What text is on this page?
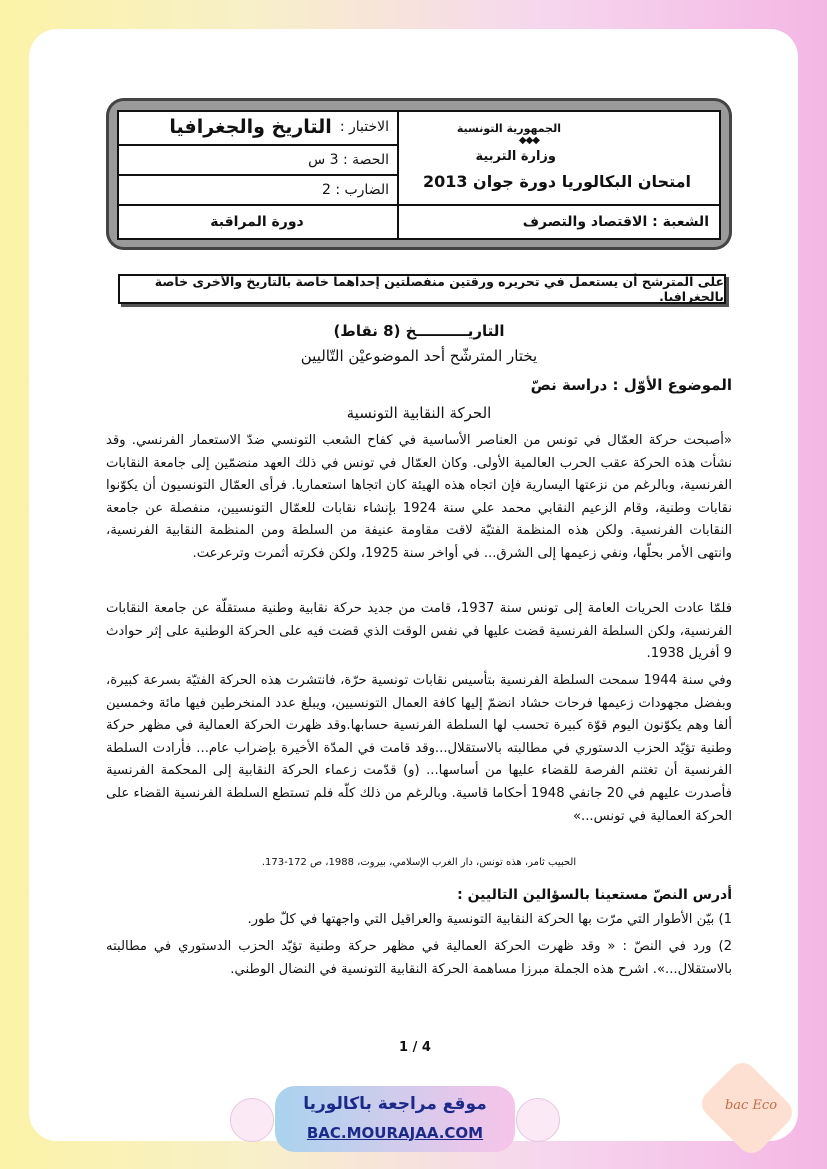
الاختبار :
التاريخ والجغرافيا
الحصة : 3 س
الضارب : 2
دورة المراقبة
الجمهورية التونسية
◆◆◆
وزارة التربية
امتحان البكالوريا دورة جوان 2013
الشعبة : الاقتصاد والتصرف
على المترشح أن يستعمل في تحريره ورقتين منفصلتين إحداهما خاصة بالتاريخ والأخرى خاصة بالجغرافيا.
التاريــــــــــخ (8 نقاط)
يختار المترشّح أحد الموضوعيْن التّاليين
الموضوع الأوّل : دراسة نصّ
الحركة النقابية التونسية
«أصبحت حركة العمّال في تونس من العناصر الأساسية في كفاح الشعب التونسي ضدّ الاستعمار الفرنسي. وقد نشأت هذه الحركة عقب الحرب العالمية الأولى. وكان العمّال في تونس في ذلك العهد منضمّين إلى جامعة النقابات الفرنسية، وبالرغم من نزعتها اليسارية فإن اتجاه هذه الهيئة كان اتجاها استعماريا. فرأى العمّال التونسيون أن يكوّنوا نقابات وطنية، وقام الزعيم النقابي محمد علي سنة 1924 بإنشاء نقابات للعمّال التونسيين، منفصلة عن جامعة النقابات الفرنسية. ولكن هذه المنظمة الفتيّة لاقت مقاومة عنيفة من السلطة ومن المنظمة النقابية الفرنسية، وانتهى الأمر بحلّها، ونفي زعيمها إلى الشرق... في أواخر سنة 1925، ولكن فكرته أثمرت وترعرعت.
فلمّا عادت الحريات العامة إلى تونس سنة 1937، قامت من جديد حركة نقابية وطنية مستقلّة عن جامعة النقابات الفرنسية، ولكن السلطة الفرنسية قضت عليها في نفس الوقت الذي قضت فيه على الحركة الوطنية على إثر حوادث 9 أفريل 1938.
وفي سنة 1944 سمحت السلطة الفرنسية بتأسيس نقابات تونسية حرّة، فانتشرت هذه الحركة الفتيّة بسرعة كبيرة، وبفضل مجهودات زعيمها فرحات حشاد انضمّ إليها كافة العمال التونسيين، ويبلغ عدد المنخرطين فيها مائة وخمسين ألفا وهم يكوّنون اليوم قوّة كبيرة تحسب لها السلطة الفرنسية حسابها.وقد ظهرت الحركة العمالية في مظهر حركة وطنية تؤيّد الحزب الدستوري في مطالبته بالاستقلال...وقد قامت في المدّة الأخيرة بإضراب عام... فأرادت السلطة الفرنسية أن تغتنم الفرصة للقضاء عليها من أساسها... (و) قدّمت زعماء الحركة النقابية إلى المحكمة الفرنسية فأصدرت عليهم في 20 جانفي 1948 أحكاما قاسية. وبالرغم من ذلك كلّه فلم تستطع السلطة الفرنسية القضاء على الحركة العمالية في تونس...»
الحبيب ثامر، هذه تونس، دار الغرب الإسلامي، بيروت، 1988، ص 172-173.
أدرس النصّ مستعينا بالسؤالين التاليين :
1) بيّن الأطوار التي مرّت بها الحركة النقابية التونسية والعراقيل التي واجهتها في كلّ طور.
2) ورد في النصّ : « وقد ظهرت الحركة العمالية في مظهر حركة وطنية تؤيّد الحزب الدستوري في مطالبته بالاستقلال...». اشرح هذه الجملة مبرزا مساهمة الحركة النقابية التونسية في النضال الوطني.
1 / 4
موقع مراجعة باكالوريا
BAC.MOURAJAA.COM
bac Eco
